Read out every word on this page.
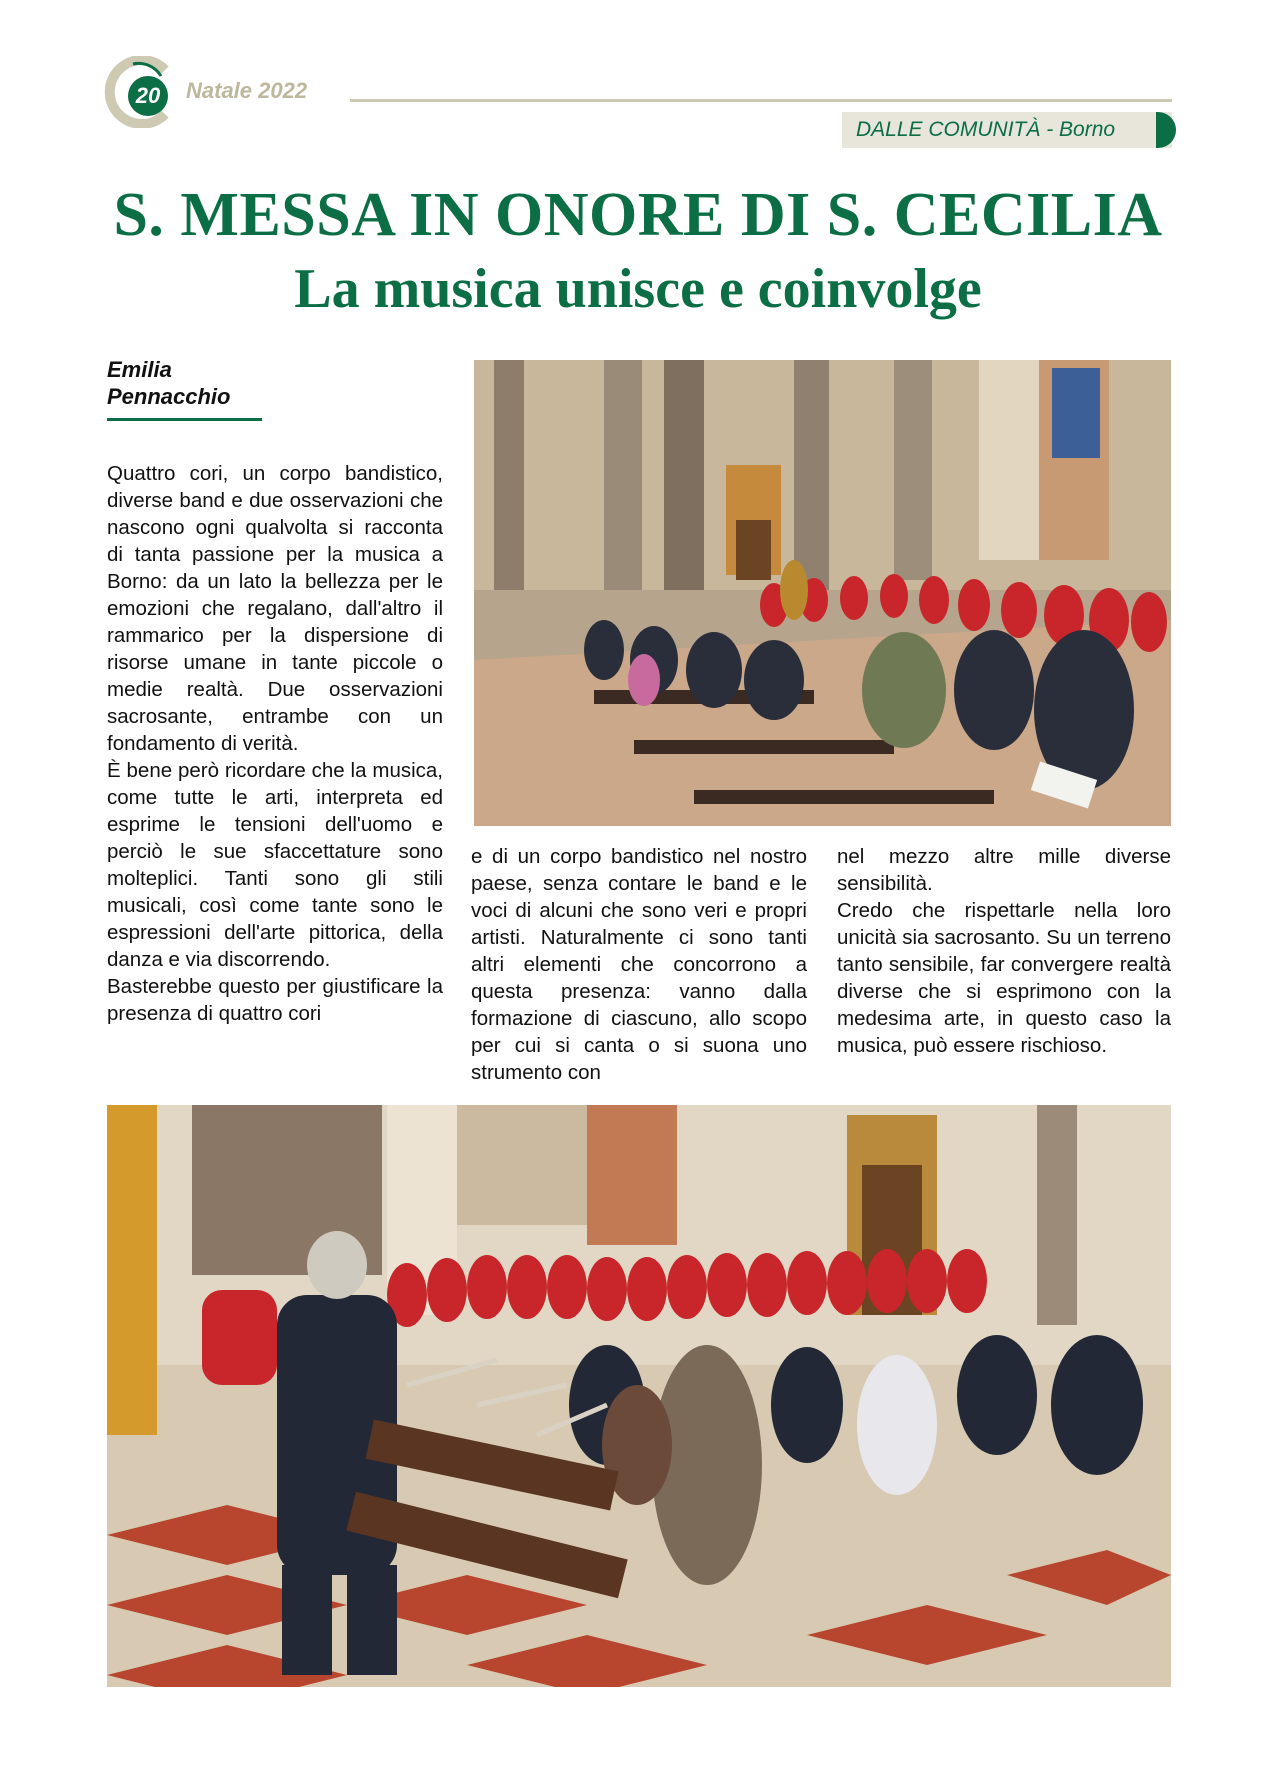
20	Natale 2022
DALLE COMUNITÀ - Borno
S. MESSA IN ONORE DI S. CECILIA
La musica unisce e coinvolge
Emilia Pennacchio

Quattro cori, un corpo bandistico, diverse band e due osservazioni che nascono ogni qualvolta si racconta di tanta passione per la musica a Borno: da un lato la bellezza per le emozioni che regalano, dall'altro il rammarico per la dispersione di risorse umane in tante piccole o medie realtà. Due osservazioni sacrosante, entrambe con un fondamento di verità.

È bene però ricordare che la musica, come tutte le arti, interpreta ed esprime le tensioni dell'uomo e perciò le sue sfaccettature sono molteplici. Tanti sono gli stili musicali, così come tante sono le espressioni dell'arte pittorica, della danza e via discorrendo.

Basterebbe questo per giustificare la presenza di quattro cori

e di un corpo bandistico nel nostro paese, senza contare le band e le voci di alcuni che sono veri e propri artisti. Naturalmente ci sono tanti altri elementi che concorrono a questa presenza: vanno dalla formazione di ciascuno, allo scopo per cui si canta o si suona uno strumento con

nel mezzo altre mille diverse sensibilità.

Credo che rispettarle nella loro unicità sia sacrosanto. Su un terreno tanto sensibile, far convergere realtà diverse che si esprimono con la medesima arte, in questo caso la musica, può essere rischioso.
